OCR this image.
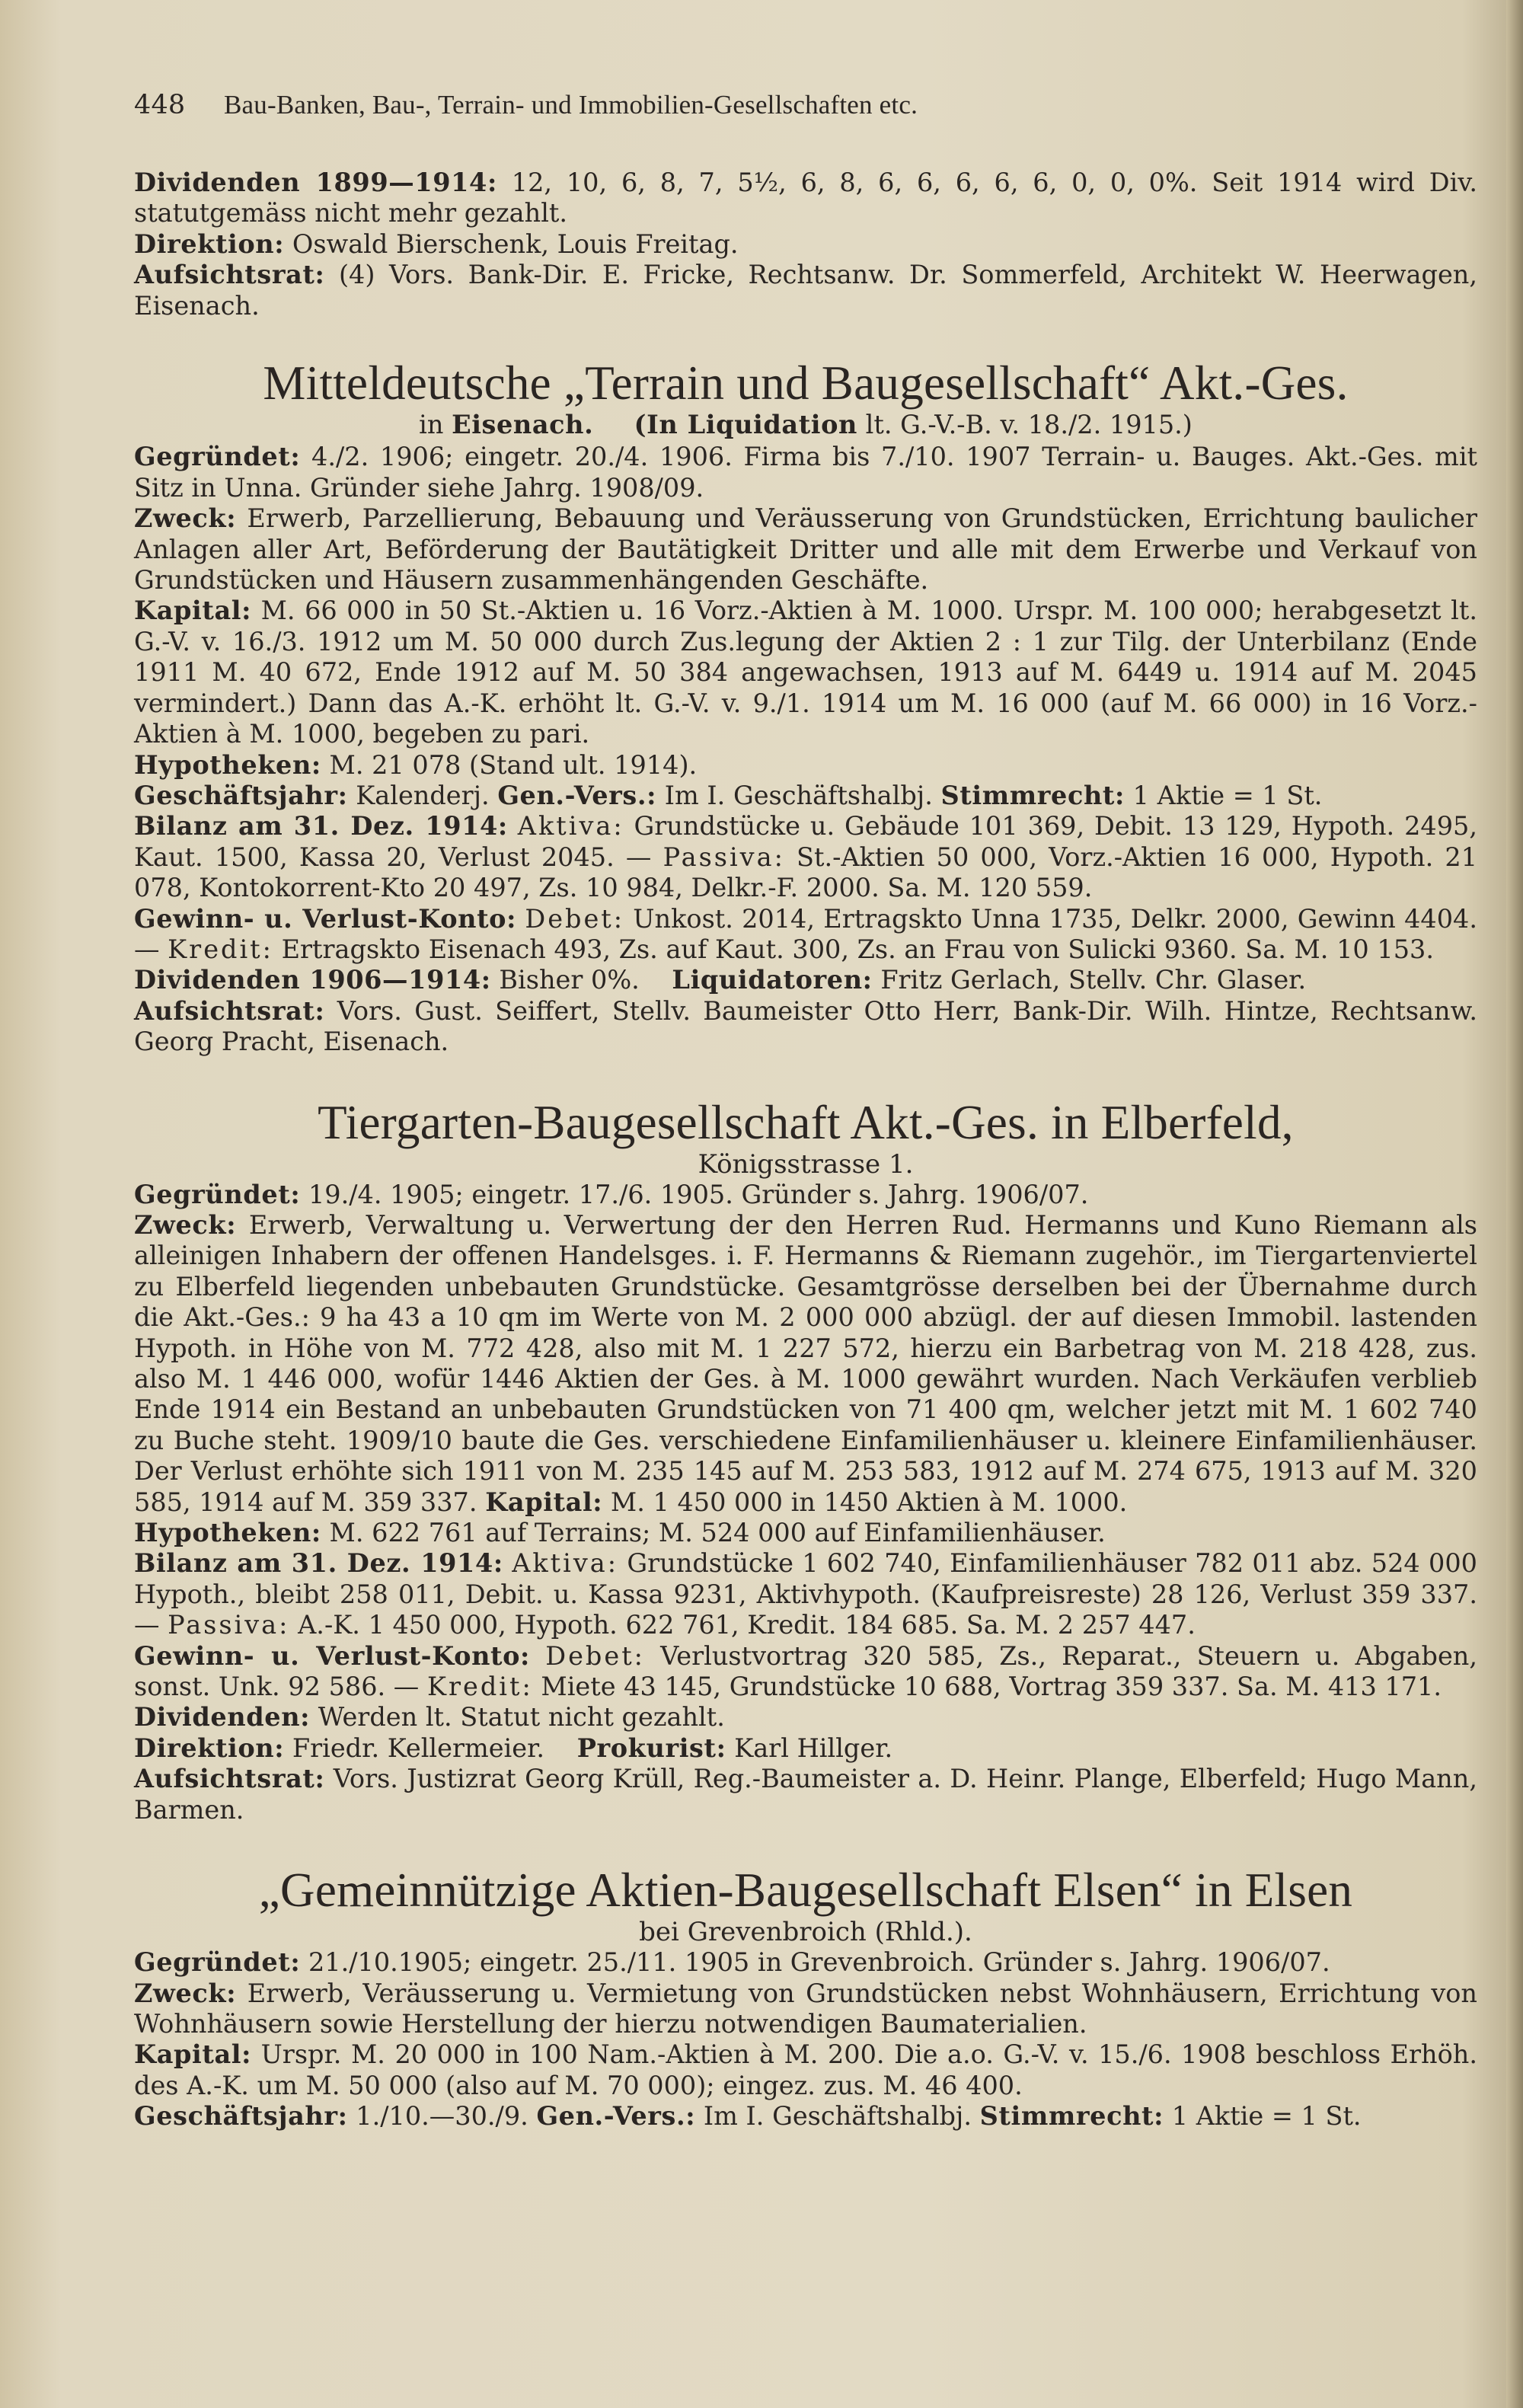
448	Bau-Banken, Bau-, Terrain- und Immobilien-Gesellschaften etc.

Dividenden 1899—1914: 12, 10, 6, 8, 7, 5½, 6, 8, 6, 6, 6, 6, 6, 0, 0, 0%. Seit 1914 wird Div. statutgemäss nicht mehr gezahlt.

Direktion: Oswald Bierschenk, Louis Freitag.

Aufsichtsrat: (4) Vors. Bank-Dir. E. Fricke, Rechtsanw. Dr. Sommerfeld, Architekt W. Heerwagen, Eisenach.

Mitteldeutsche „Terrain und Baugesellschaft“ Akt.-Ges.

in Eisenach. (In Liquidation lt. G.-V.-B. v. 18./2. 1915.)

Gegründet: 4./2. 1906; eingetr. 20./4. 1906. Firma bis 7./10. 1907 Terrain- u. Bauges. Akt.-Ges. mit Sitz in Unna. Gründer siehe Jahrg. 1908/09.

Zweck: Erwerb, Parzellierung, Bebauung und Veräusserung von Grundstücken, Errichtung baulicher Anlagen aller Art, Beförderung der Bautätigkeit Dritter und alle mit dem Erwerbe und Verkauf von Grundstücken und Häusern zusammenhängenden Geschäfte.

Kapital: M. 66 000 in 50 St.-Aktien u. 16 Vorz.-Aktien à M. 1000. Urspr. M. 100 000; herabgesetzt lt. G.-V. v. 16./3. 1912 um M. 50 000 durch Zus.legung der Aktien 2 : 1 zur Tilg. der Unterbilanz (Ende 1911 M. 40 672, Ende 1912 auf M. 50 384 angewachsen, 1913 auf M. 6449 u. 1914 auf M. 2045 vermindert.) Dann das A.-K. erhöht lt. G.-V. v. 9./1. 1914 um M. 16 000 (auf M. 66 000) in 16 Vorz.-Aktien à M. 1000, begeben zu pari.

Hypotheken: M. 21 078 (Stand ult. 1914).

Geschäftsjahr: Kalenderj. Gen.-Vers.: Im I. Geschäftshalbj. Stimmrecht: 1 Aktie = 1 St.

Bilanz am 31. Dez. 1914: Aktiva: Grundstücke u. Gebäude 101 369, Debit. 13 129, Hypoth. 2495, Kaut. 1500, Kassa 20, Verlust 2045. — Passiva: St.-Aktien 50 000, Vorz.-Aktien 16 000, Hypoth. 21 078, Kontokorrent-Kto 20 497, Zs. 10 984, Delkr.-F. 2000. Sa. M. 120 559.

Gewinn- u. Verlust-Konto: Debet: Unkost. 2014, Ertragskto Unna 1735, Delkr. 2000, Gewinn 4404. — Kredit: Ertragskto Eisenach 493, Zs. auf Kaut. 300, Zs. an Frau von Sulicki 9360. Sa. M. 10 153.

Dividenden 1906—1914: Bisher 0%. Liquidatoren: Fritz Gerlach, Stellv. Chr. Glaser.

Aufsichtsrat: Vors. Gust. Seiffert, Stellv. Baumeister Otto Herr, Bank-Dir. Wilh. Hintze, Rechtsanw. Georg Pracht, Eisenach.

Tiergarten-Baugesellschaft Akt.-Ges. in Elberfeld,
Königsstrasse 1.

Gegründet: 19./4. 1905; eingetr. 17./6. 1905. Gründer s. Jahrg. 1906/07.

Zweck: Erwerb, Verwaltung u. Verwertung der den Herren Rud. Hermanns und Kuno Riemann als alleinigen Inhabern der offenen Handelsges. i. F. Hermanns & Riemann zugehör., im Tiergartenviertel zu Elberfeld liegenden unbebauten Grundstücke. Gesamtgrösse derselben bei der Übernahme durch die Akt.-Ges.: 9 ha 43 a 10 qm im Werte von M. 2 000 000 abzügl. der auf diesen Immobil. lastenden Hypoth. in Höhe von M. 772 428, also mit M. 1 227 572, hierzu ein Barbetrag von M. 218 428, zus. also M. 1 446 000, wofür 1446 Aktien der Ges. à M. 1000 gewährt wurden. Nach Verkäufen verblieb Ende 1914 ein Bestand an unbebauten Grundstücken von 71 400 qm, welcher jetzt mit M. 1 602 740 zu Buche steht. 1909/10 baute die Ges. verschiedene Einfamilienhäuser u. kleinere Einfamilienhäuser. Der Verlust erhöhte sich 1911 von M. 235 145 auf M. 253 583, 1912 auf M. 274 675, 1913 auf M. 320 585, 1914 auf M. 359 337. Kapital: M. 1 450 000 in 1450 Aktien à M. 1000.

Hypotheken: M. 622 761 auf Terrains; M. 524 000 auf Einfamilienhäuser.

Bilanz am 31. Dez. 1914: Aktiva: Grundstücke 1 602 740, Einfamilienhäuser 782 011 abz. 524 000 Hypoth., bleibt 258 011, Debit. u. Kassa 9231, Aktivhypoth. (Kaufpreisreste) 28 126, Verlust 359 337. — Passiva: A.-K. 1 450 000, Hypoth. 622 761, Kredit. 184 685. Sa. M. 2 257 447.

Gewinn- u. Verlust-Konto: Debet: Verlustvortrag 320 585, Zs., Reparat., Steuern u. Abgaben, sonst. Unk. 92 586. — Kredit: Miete 43 145, Grundstücke 10 688, Vortrag 359 337. Sa. M. 413 171.

Dividenden: Werden lt. Statut nicht gezahlt.

Direktion: Friedr. Kellermeier. Prokurist: Karl Hillger.

Aufsichtsrat: Vors. Justizrat Georg Krüll, Reg.-Baumeister a. D. Heinr. Plange, Elberfeld; Hugo Mann, Barmen.

„Gemeinnützige Aktien-Baugesellschaft Elsen“ in Elsen
bei Grevenbroich (Rhld.).

Gegründet: 21./10.1905; eingetr. 25./11. 1905 in Grevenbroich. Gründer s. Jahrg. 1906/07.

Zweck: Erwerb, Veräusserung u. Vermietung von Grundstücken nebst Wohnhäusern, Errichtung von Wohnhäusern sowie Herstellung der hierzu notwendigen Baumaterialien.

Kapital: Urspr. M. 20 000 in 100 Nam.-Aktien à M. 200. Die a.o. G.-V. v. 15./6. 1908 beschloss Erhöh. des A.-K. um M. 50 000 (also auf M. 70 000); eingez. zus. M. 46 400.

Geschäftsjahr: 1./10.—30./9. Gen.-Vers.: Im I. Geschäftshalbj. Stimmrecht: 1 Aktie = 1 St.
